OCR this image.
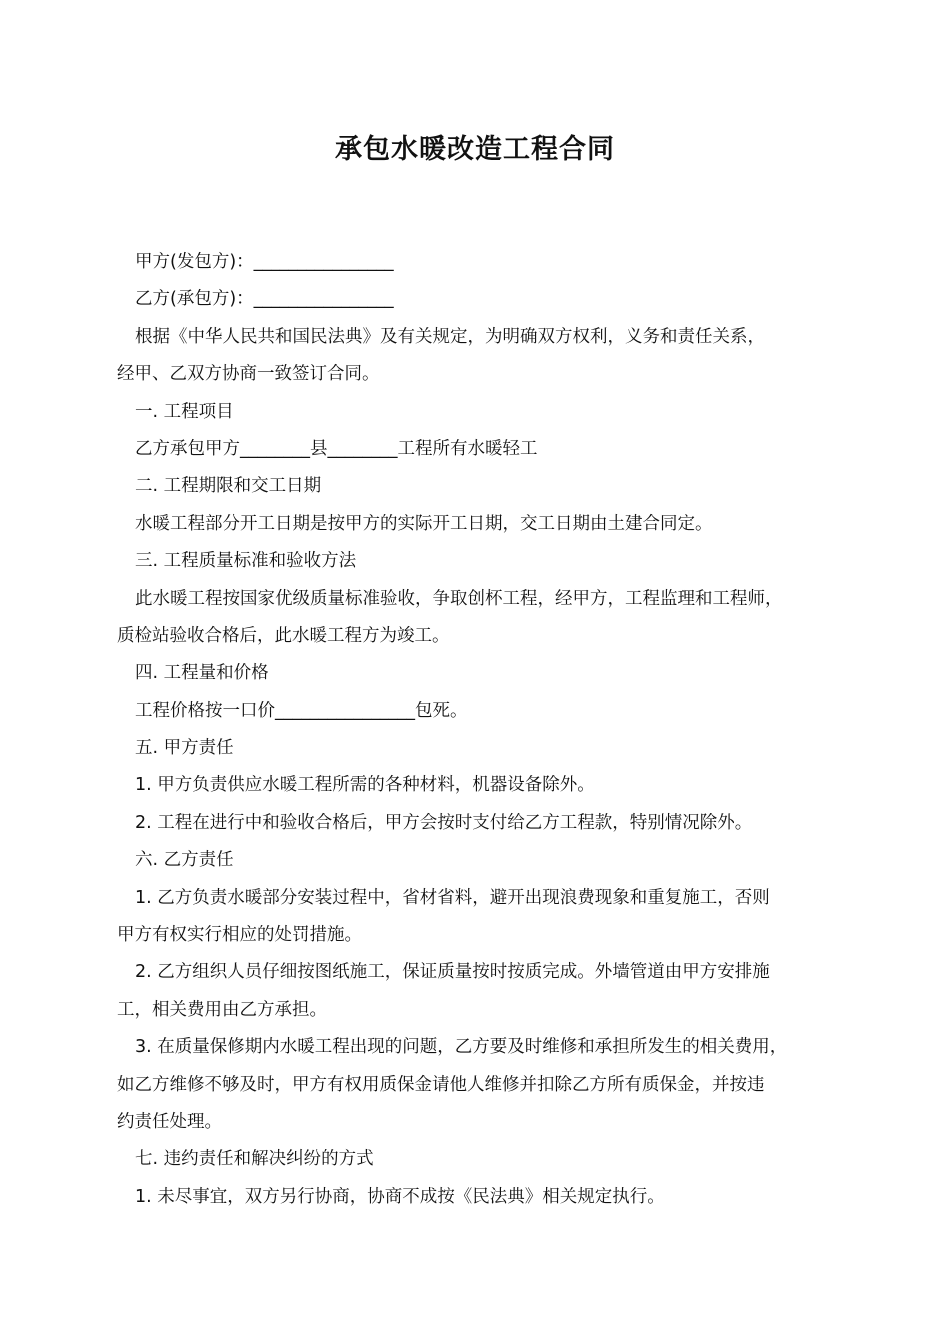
承包水暖改造工程合同

甲方(发包方)：________________

乙方(承包方)：________________

根据《中华人民共和国民法典》及有关规定，为明确双方权利，义务和责任关系，

经甲、乙双方协商一致签订合同。

一. 工程项目

乙方承包甲方________县________工程所有水暖轻工

二. 工程期限和交工日期

水暖工程部分开工日期是按甲方的实际开工日期，交工日期由土建合同定。

三. 工程质量标准和验收方法

此水暖工程按国家优级质量标准验收，争取创杯工程，经甲方，工程监理和工程师，

质检站验收合格后，此水暖工程方为竣工。

四. 工程量和价格

工程价格按一口价________________包死。

五. 甲方责任

1. 甲方负责供应水暖工程所需的各种材料，机器设备除外。

2. 工程在进行中和验收合格后，甲方会按时支付给乙方工程款，特别情况除外。

六. 乙方责任

1. 乙方负责水暖部分安装过程中，省材省料，避开出现浪费现象和重复施工，否则

甲方有权实行相应的处罚措施。

2. 乙方组织人员仔细按图纸施工，保证质量按时按质完成。外墙管道由甲方安排施

工，相关费用由乙方承担。

3. 在质量保修期内水暖工程出现的问题，乙方要及时维修和承担所发生的相关费用，

如乙方维修不够及时，甲方有权用质保金请他人维修并扣除乙方所有质保金，并按违

约责任处理。

七. 违约责任和解决纠纷的方式

1. 未尽事宜，双方另行协商，协商不成按《民法典》相关规定执行。
